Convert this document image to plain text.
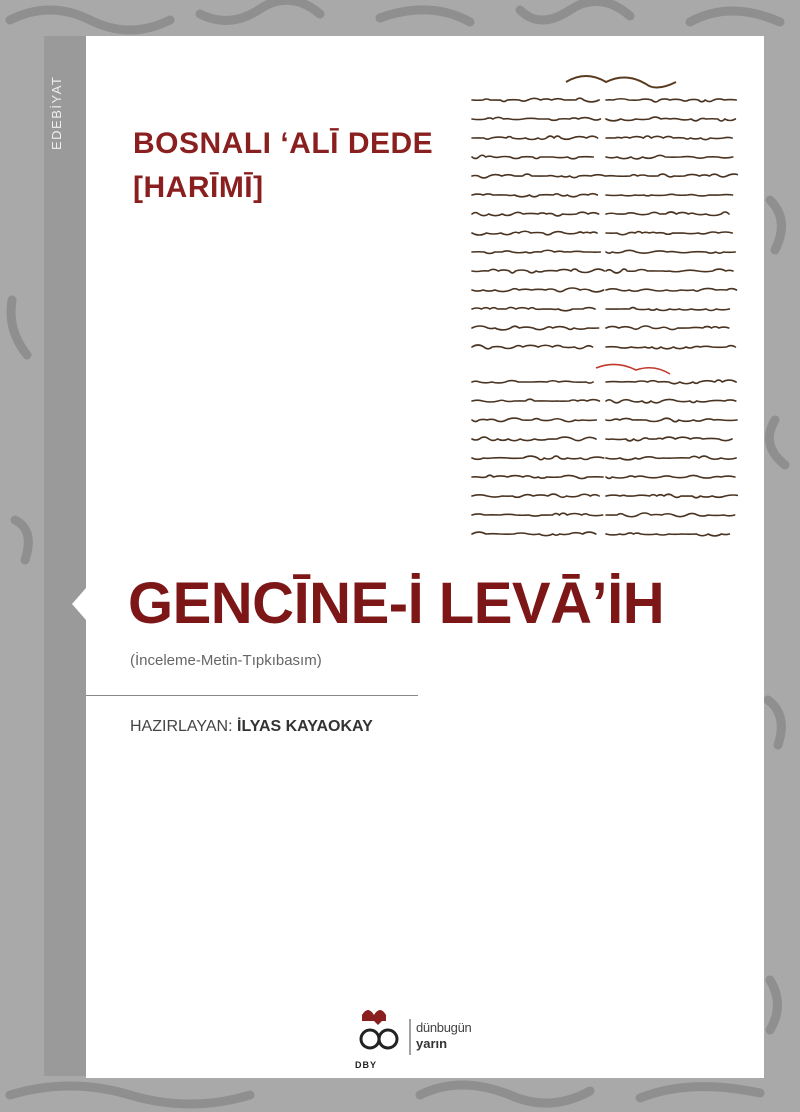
EDEBİYAT BOSNALI ‘ALĪ DEDE
[HARĪMĪ]
GENCĪNE-İ LEVĀ’İH
(İnceleme-Metin-Tıpkıbasım)
HAZIRLAYAN: İLYAS KAYAOKAY
DBY
dünbugün
yarın
